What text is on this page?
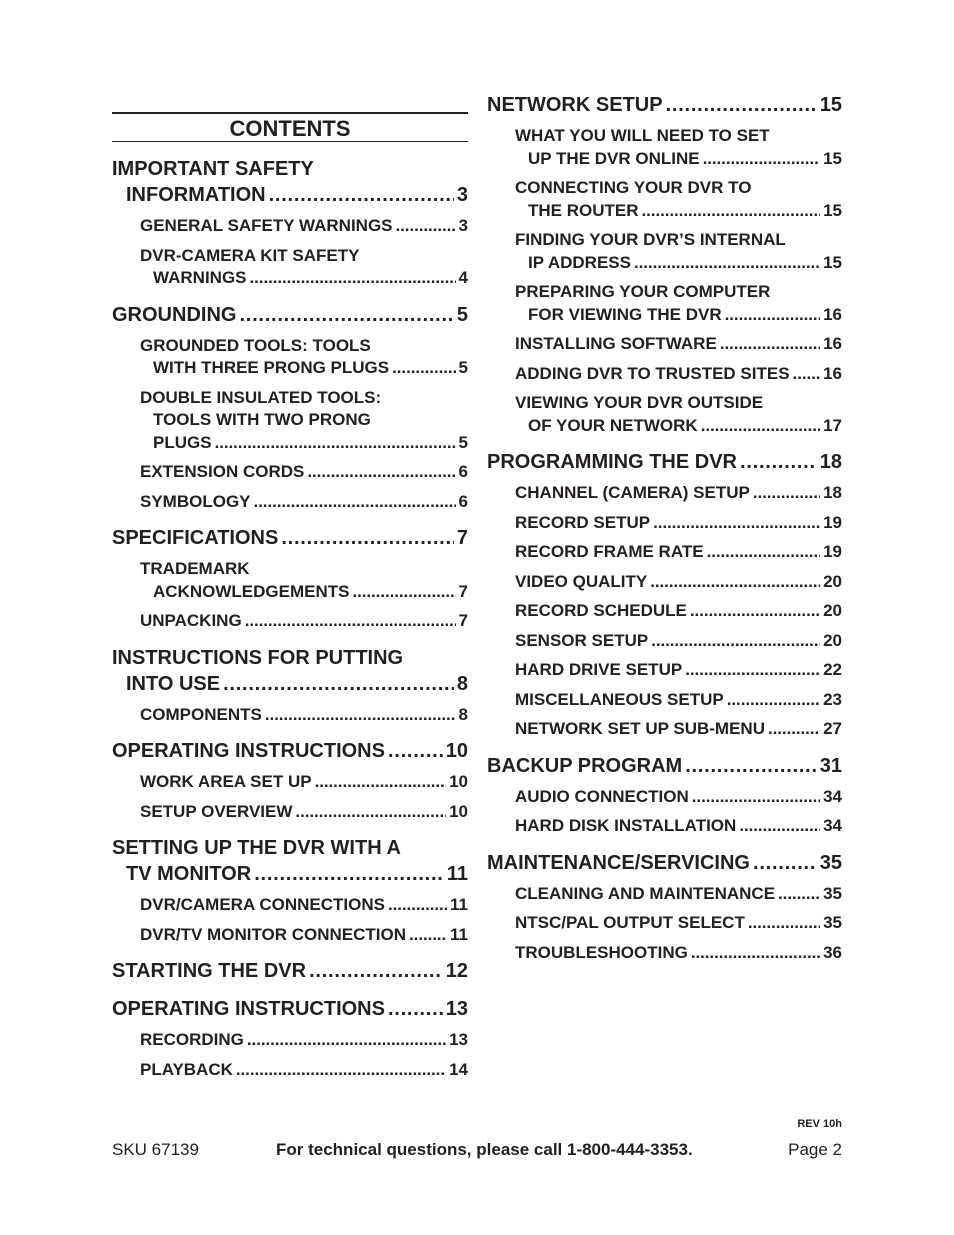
CONTENTS
IMPORTANT SAFETY
INFORMATION . . .	3
GENERAL SAFETY WARNINGS . . .	3
DVR-CAMERA KIT SAFETY
WARNINGS . . .	4
GROUNDING . . .	5
GROUNDED TOOLS: TOOLS
WITH THREE PRONG PLUGS . . .	5
DOUBLE INSULATED TOOLS:
TOOLS WITH TWO PRONG
PLUGS . . .	5
EXTENSION CORDS . . .	6
SYMBOLOGY . . .	6
SPECIFICATIONS . . .	7
TRADEMARK
ACKNOWLEDGEMENTS . . .	7
UNPACKING . . .	7
INSTRUCTIONS FOR PUTTING
INTO USE . . .	8
COMPONENTS . . .	8
OPERATING INSTRUCTIONS . . .	10
WORK AREA SET UP . . .	10
SETUP OVERVIEW . . .	10
SETTING UP THE DVR WITH A
TV MONITOR . . .	11
DVR/CAMERA CONNECTIONS . . .	11
DVR/TV MONITOR CONNECTION . . .	11
STARTING THE DVR . . .	12
OPERATING INSTRUCTIONS . . .	13
RECORDING . . .	13
PLAYBACK . . .	14
NETWORK SETUP . . .	15
WHAT YOU WILL NEED TO SET
UP THE DVR ONLINE . . .	15
CONNECTING YOUR DVR TO
THE ROUTER . . .	15
FINDING YOUR DVR’S INTERNAL
IP ADDRESS . . .	15
PREPARING YOUR COMPUTER
FOR VIEWING THE DVR . . .	16
INSTALLING SOFTWARE . . .	16
ADDING DVR TO TRUSTED SITES . . . 16
VIEWING YOUR DVR OUTSIDE
OF YOUR NETWORK . . .	17
PROGRAMMING THE DVR . . .	18
CHANNEL (CAMERA) SETUP . . .	18
RECORD SETUP . . .	19
RECORD FRAME RATE . . .	19
VIDEO QUALITY . . .	20
RECORD SCHEDULE . . .	20
SENSOR SETUP . . .	20
HARD DRIVE SETUP . . .	22
MISCELLANEOUS SETUP . . .	23
NETWORK SET UP SUB-MENU . . .	27
BACKUP PROGRAM . . .	31
AUDIO CONNECTION . . .	34
HARD DISK INSTALLATION . . .	34
MAINTENANCE/SERVICING . . .	35
CLEANING AND MAINTENANCE . . .	35
NTSC/PAL OUTPUT SELECT . . .	35
TROUBLESHOOTING . . .	36
REV 10h
SKU 67139	For technical questions, please call 1-800-444-3353.	Page 2
